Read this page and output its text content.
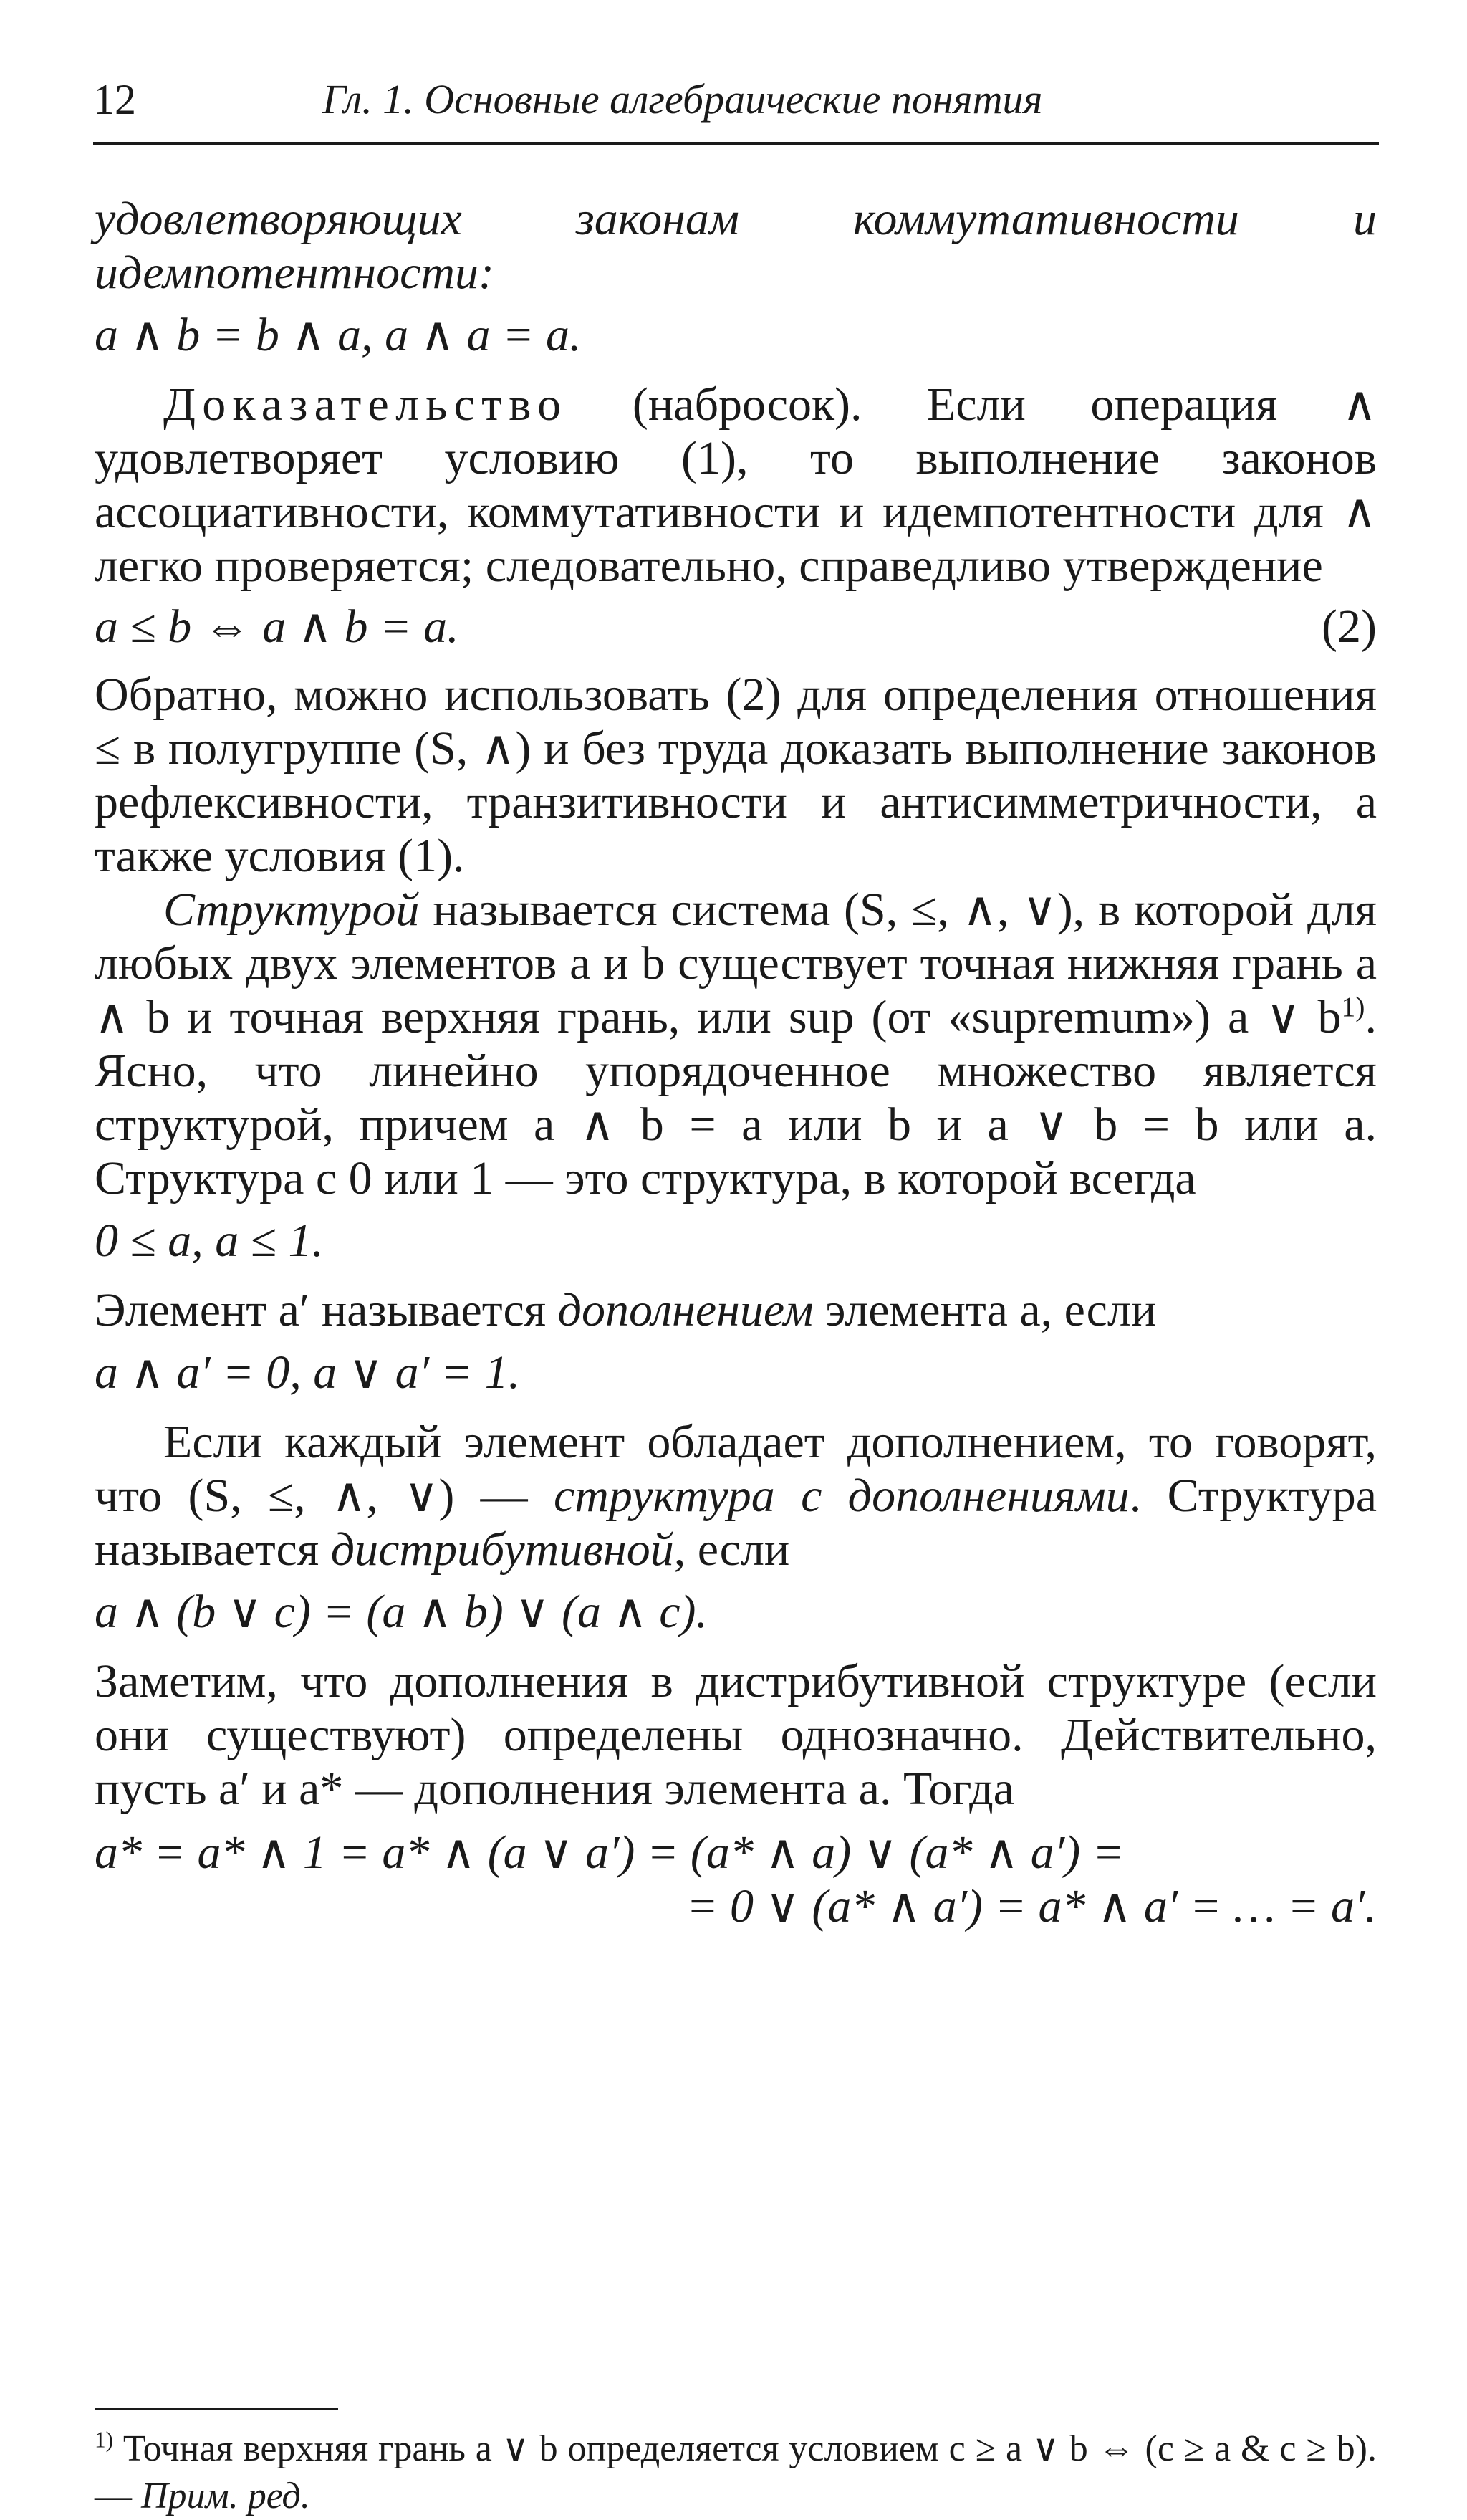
12	Гл. 1. Основные алгебраические понятия

удовлетворяющих законам коммутативности и идемпотентности:

a ∧ b = b ∧ a, a ∧ a = a.

Доказательство (набросок). Если операция ∧ удовлетворяет условию (1), то выполнение законов ассоциативности, коммутативности и идемпотентности для ∧ легко проверяется; следовательно, справедливо утверждение

a ≤ b ⇔ a ∧ b = a.	(2)

Обратно, можно использовать (2) для определения отношения ≤ в полугруппе (S, ∧) и без труда доказать выполнение законов рефлексивности, транзитивности и антисимметричности, а также условия (1).

Структурой называется система (S, ≤, ∧, ∨), в которой для любых двух элементов a и b существует точная нижняя грань a ∧ b и точная верхняя грань, или sup (от «supremum») a ∨ $b^{1)}$. Ясно, что линейно упорядоченное множество является структурой, причем a ∧ b = a или b и a ∨ b = b или a. Структура с 0 или 1 — это структура, в которой всегда

0 ≤ a, a ≤ 1.

Элемент a′ называется дополнением элемента a, если

a ∧ a′ = 0, a ∨ a′ = 1.

Если каждый элемент обладает дополнением, то говорят, что (S, ≤, ∧, ∨) — структура с дополнениями. Структура называется дистрибутивной, если

a ∧ (b ∨ c) = (a ∧ b) ∨ (a ∧ c).

Заметим, что дополнения в дистрибутивной структуре (если они существуют) определены однозначно. Действительно, пусть a′ и a* — дополнения элемента a. Тогда

a* = a* ∧ 1 = a* ∧ (a ∨ a′) = (a* ∧ a) ∨ (a* ∧ a′) =

= 0 ∨ (a* ∧ a′) = a* ∧ a′ = … = a′.

$^{1)}$ Точная верхняя грань a ∨ b определяется условием c ≥ a ∨ b ⇔ (c ≥ a & c ≥ b). — Прим. ред.
